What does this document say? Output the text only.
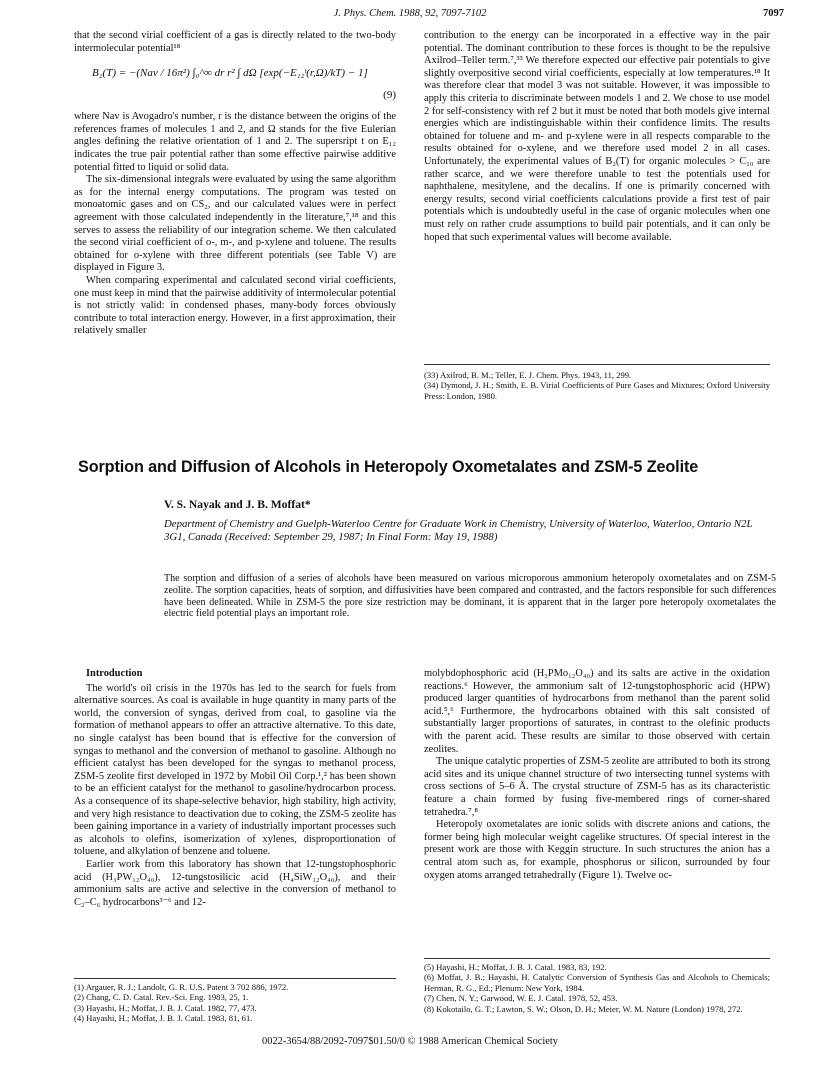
J. Phys. Chem. 1988, 92, 7097-7102	7097

that the second virial coefficient of a gas is directly related to the two-body intermolecular potential¹⁸

B₂(T) = −(Nav / 16π²) ∫₀^∞ dr r² ∫ dΩ [exp(−E₁₂ᵗ(r,Ω)/kT) − 1]
(9)

where Nav is Avogadro's number, r is the distance between the origins of the references frames of molecules 1 and 2, and Ω stands for the five Eulerian angles defining the relative orientation of 1 and 2. The supersript t on E₁₂ indicates the true pair potential rather than some effective pairwise additive potential fitted to liquid or solid data.

The six-dimensional integrals were evaluated by using the same algorithm as for the internal energy computations. The program was tested on monoatomic gases and on CS₂, and our calculated values were in perfect agreement with those calculated independently in the literature,⁷,¹⁸ and this serves to assess the reliability of our integration scheme. We then calculated the second virial coefficient of o-, m-, and p-xylene and toluene. The results obtained for o-xylene with three different potentials (see Table V) are displayed in Figure 3.

When comparing experimental and calculated second virial coefficients, one must keep in mind that the pairwise additivity of intermolecular potential is not strictly valid: in condensed phases, many-body forces obviously contribute to total interaction energy. However, in a first approximation, their relatively smaller

contribution to the energy can be incorporated in a effective way in the pair potential. The dominant contribution to these forces is thought to be the repulsive Axilrod–Teller term.⁷,³³ We therefore expected our effective pair potentials to give slightly overpositive second virial coefficients, especially at low temperatures.¹⁸ It was therefore clear that model 3 was not suitable. However, it was impossible to apply this criteria to discriminate between models 1 and 2. We chose to use model 2 for self-consistency with ref 2 but it must be noted that both models give internal energies which are indistinguishable within their confidence limits. The results obtained for toluene and m- and p-xylene were in all respects comparable to the results obtained for o-xylene, and we therefore used model 2 in all cases. Unfortunately, the experimental values of B₂(T) for organic molecules > C₁₀ are rather scarce, and we were therefore unable to test the potentials used for naphthalene, mesitylene, and the decalins. If one is primarily concerned with energy results, second virial coefficients calculations provide a first test of pair potentials which is undoubtedly useful in the case of organic molecules when one must rely on rather crude assumptions to build pair potentials, and it can only be hoped that such experimental values will become available.

(33) Axilrod, B. M.; Teller, E. J. Chem. Phys. 1943, 11, 299.
(34) Dymond, J. H.; Smith, E. B. Virial Coefficients of Pure Gases and Mixtures; Oxford University Press: London, 1980.
Sorption and Diffusion of Alcohols in Heteropoly Oxometalates and ZSM-5 Zeolite
V. S. Nayak and J. B. Moffat*
Department of Chemistry and Guelph-Waterloo Centre for Graduate Work in Chemistry, University of Waterloo, Waterloo, Ontario N2L 3G1, Canada (Received: September 29, 1987; In Final Form: May 19, 1988)
The sorption and diffusion of a series of alcohols have been measured on various microporous ammonium heteropoly oxometalates and on ZSM-5 zeolite. The sorption capacities, heats of sorption, and diffusivities have been compared and contrasted, and the factors responsible for such differences have been delineated. While in ZSM-5 the pore size restriction may be dominant, it is apparent that in the larger pore heteropoly oxometalates the electric field potential plays an important role.

Introduction

The world's oil crisis in the 1970s has led to the search for fuels from alternative sources. As coal is available in huge quantity in many parts of the world, the conversion of syngas, derived from coal, to gasoline via the formation of methanol appears to offer an attractive alternative. To this date, no single catalyst has been bound that is effective for the conversion of syngas to methanol and the conversion of methanol to gasoline. Although no efficient catalyst has been developed for the syngas to methanol process, ZSM-5 zeolite first developed in 1972 by Mobil Oil Corp.¹,² has been shown to be an efficient catalyst for the methanol to gasoline/hydrocarbon process. As a consequence of its shape-selective behavior, high stability, high activity, and very high resistance to deactivation due to coking, the ZSM-5 zeolite has been gaining importance in a variety of industrially important processes such as alcohols to olefins, isomerization of xylenes, disproportionation of toluene, and alkylation of benzene and toluene.

Earlier work from this laboratory has shown that 12-tungstophosphoric acid (H₃PW₁₂O₄₀), 12-tungstosilicic acid (H₄SiW₁₂O₄₀), and their ammonium salts are active and selective in the conversion of methanol to C₂–C₆ hydrocarbons³⁻⁶ and 12-

(1) Argauer, R. J.; Landolt, G. R. U.S. Patent 3 702 886, 1972.
(2) Chang, C. D. Catal. Rev.-Sci. Eng. 1983, 25, 1.
(3) Hayashi, H.; Moffat, J. B. J. Catal. 1982, 77, 473.
(4) Hayashi, H.; Moffat, J. B. J. Catal. 1983, 81, 61.

molybdophosphoric acid (H₃PMo₁₂O₄₀) and its salts are active in the oxidation reactions.⁶ However, the ammonium salt of 12-tungstophosphoric acid (HPW) produced larger quantities of hydrocarbons from methanol than the parent solid acid.⁵,⁶ Furthermore, the hydrocarbons obtained with this salt consisted of substantially larger proportions of saturates, in contrast to the olefinic products with the parent acid. These results are similar to those observed with certain zeolites.

The unique catalytic properties of ZSM-5 zeolite are attributed to both its strong acid sites and its unique channel structure of two intersecting tunnel systems with cross sections of 5–6 Å. The crystal structure of ZSM-5 has as its characteristic feature a chain formed by fusing five-membered rings of corner-shared tetrahedra.⁷,⁸

Heteropoly oxometalates are ionic solids with discrete anions and cations, the former being high molecular weight cagelike structures. Of special interest in the present work are those with Keggin structure. In such structures the anion has a central atom such as, for example, phosphorus or silicon, surrounded by four oxygen atoms arranged tetrahedrally (Figure 1). Twelve oc-

(5) Hayashi, H.; Moffat, J. B. J. Catal. 1983, 83, 192.
(6) Moffat, J. B.; Hayashi, H. Catalytic Conversion of Synthesis Gas and Alcohols to Chemicals; Herman, R. G., Ed.; Plenum: New York, 1984.
(7) Chen, N. Y.; Garwood, W. E. J. Catal. 1978, 52, 453.
(8) Kokotailo, G. T.; Lawton, S. W.; Olson, D. H.; Meier, W. M. Nature (London) 1978, 272.
0022-3654/88/2092-7097$01.50/0 © 1988 American Chemical Society
